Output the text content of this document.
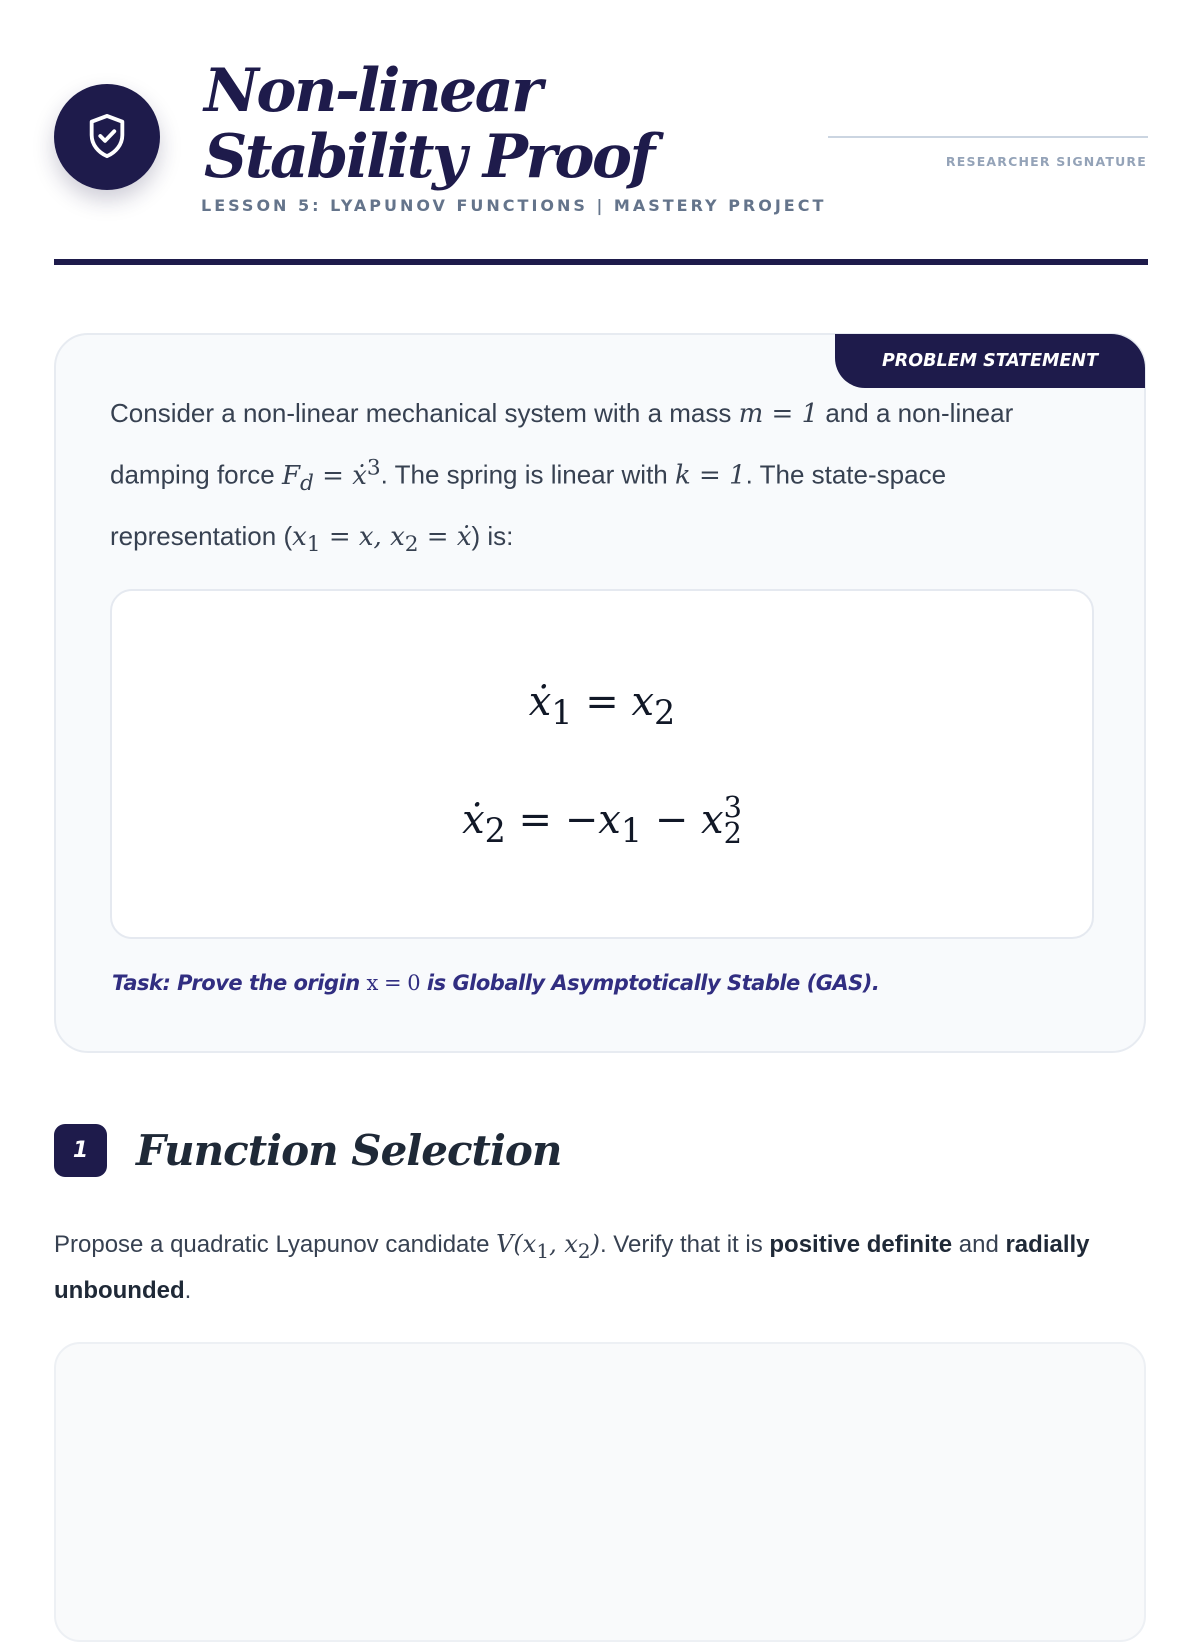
Non-linear Stability Proof

LESSON 5: LYAPUNOV FUNCTIONS | MASTERY PROJECT

RESEARCHER SIGNATURE
PROBLEM STATEMENT

Consider a non-linear mechanical system with a mass m = 1 and a non-linear damping force $F_d$ = ẋ$^3$. The spring is linear with k = 1. The state-space representation ($x_1 = x$, $x_2$ = ẋ) is:

ẋ$_1$ = $x_2$
ẋ$_2$ = $-x_1 - x3$
2

Task: Prove the origin x = 0 is Globally Asymptotically Stable (GAS).

1	Function Selection

Propose a quadratic Lyapunov candidate $V(x_1$, $x_2$). Verify that it is positive definite and radially unbounded.
